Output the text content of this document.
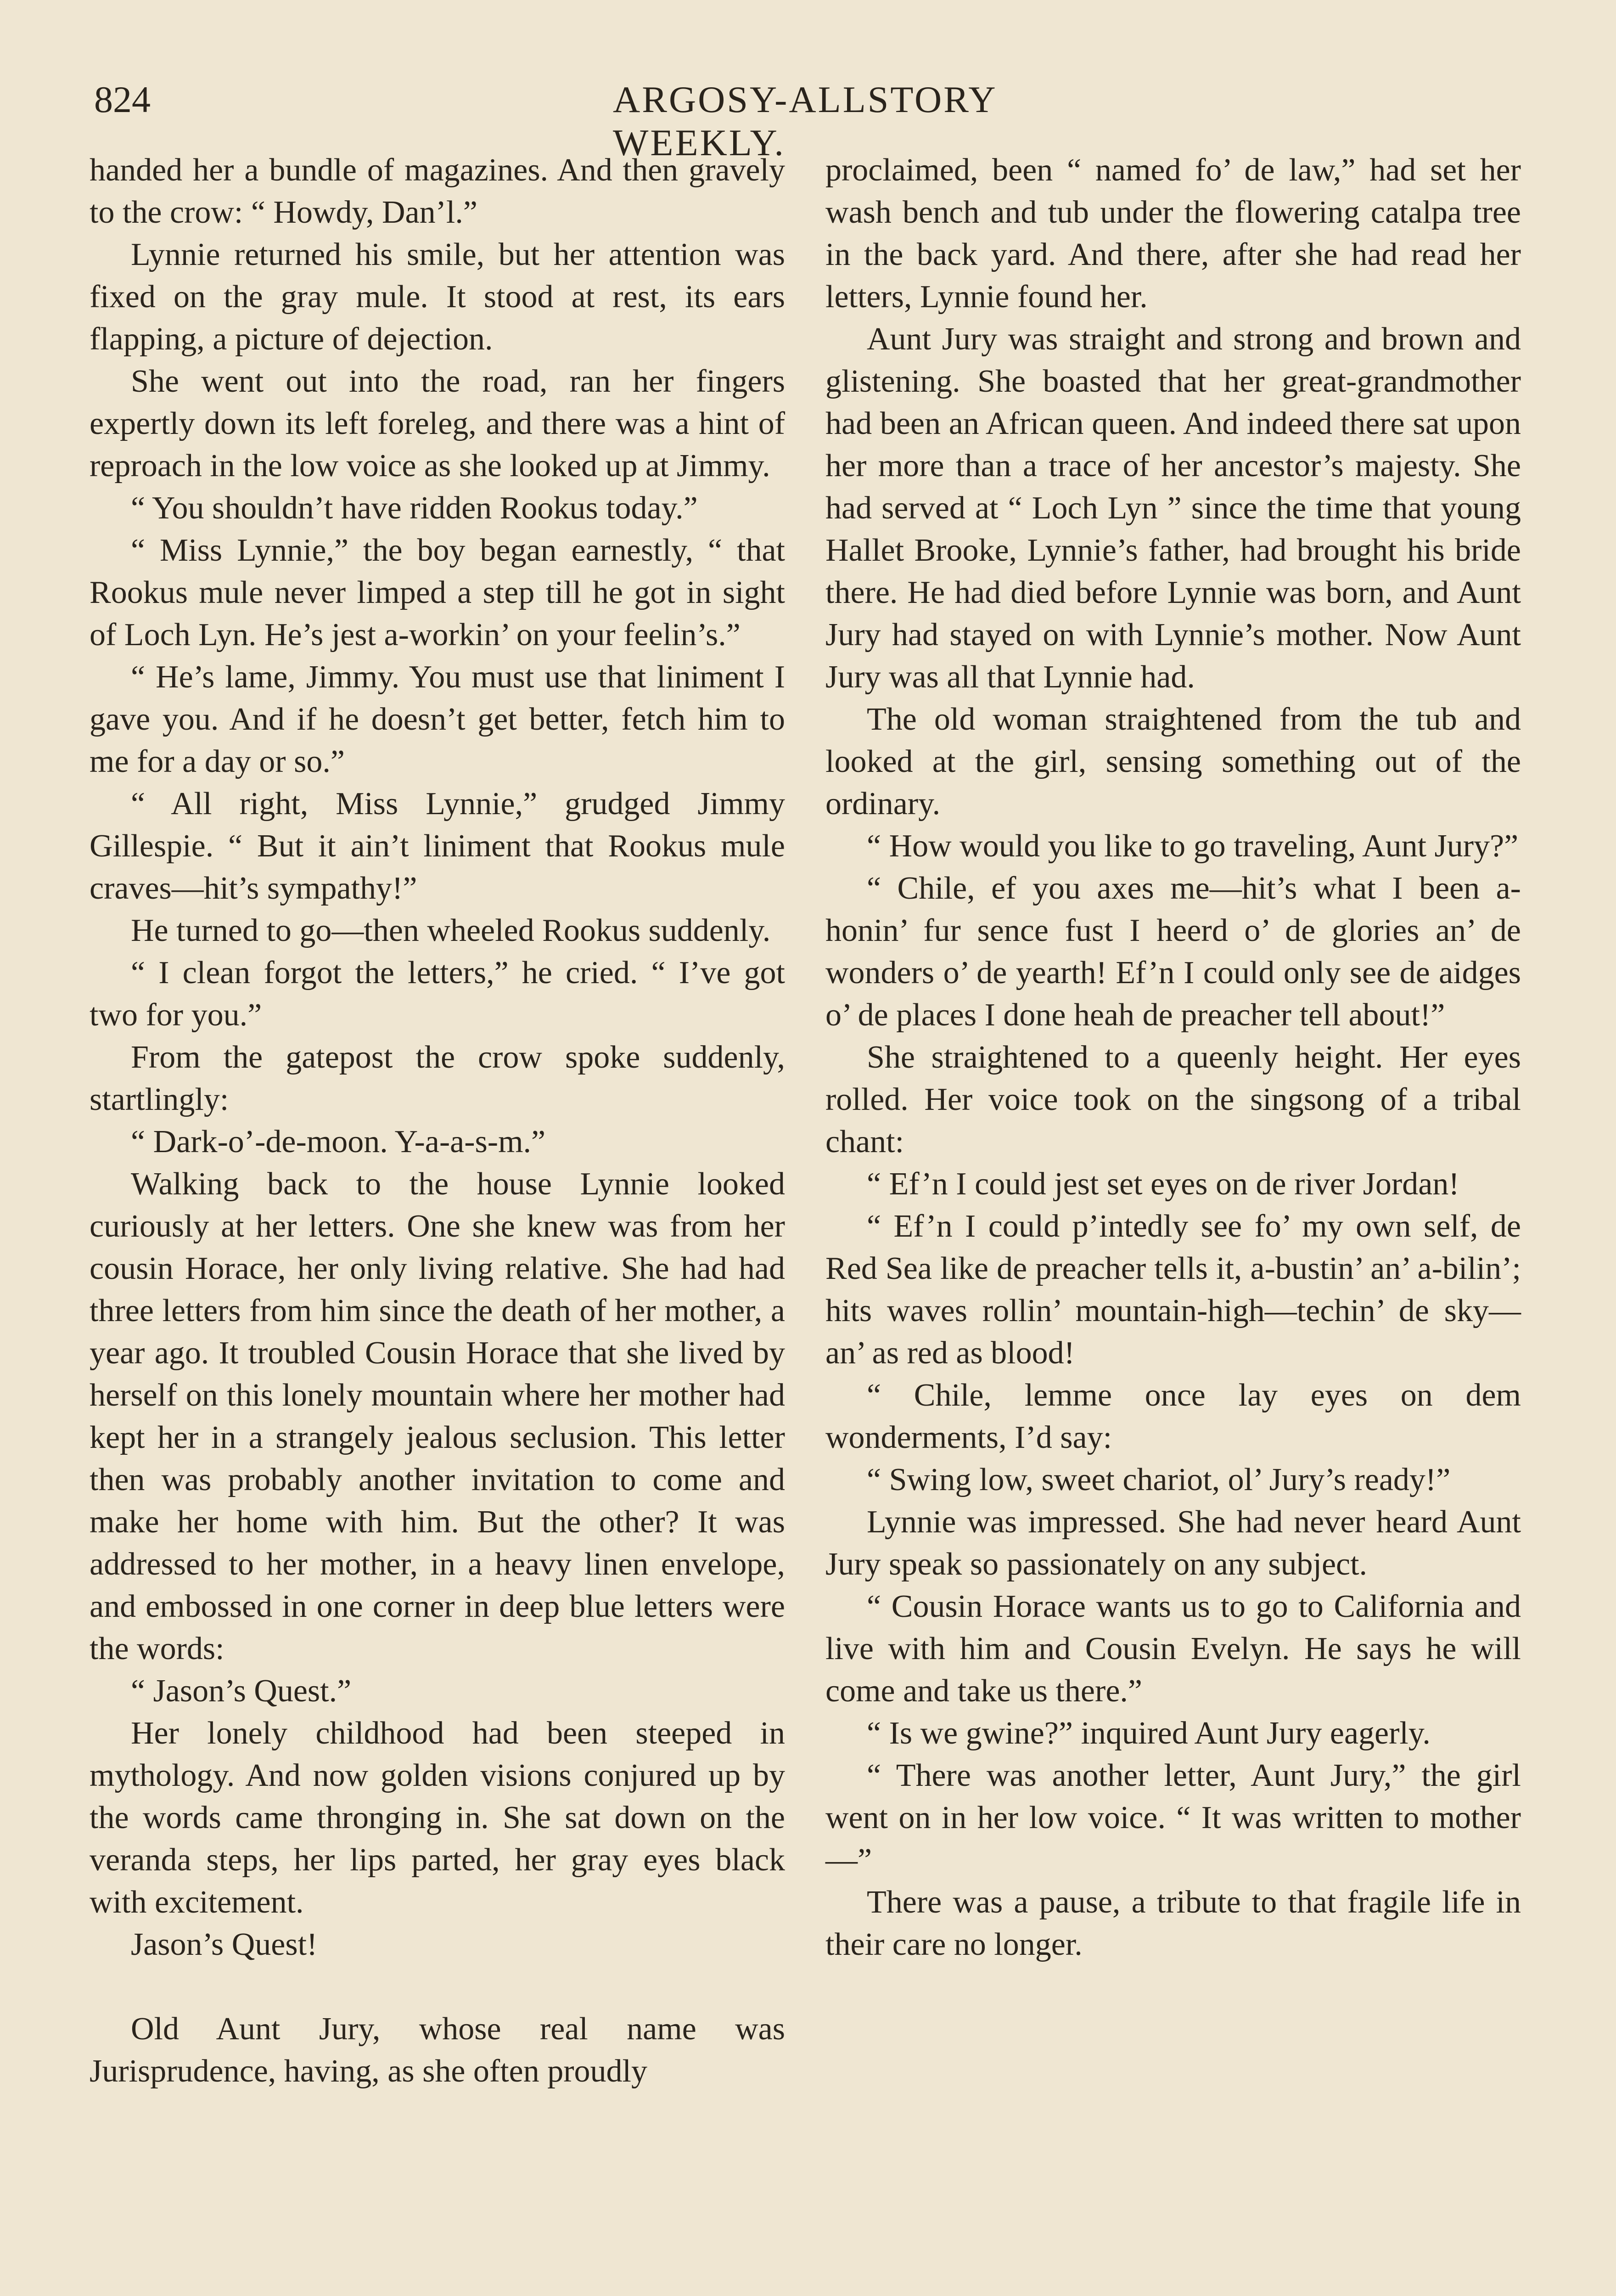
824	ARGOSY-ALLSTORY WEEKLY.

handed her a bundle of magazines. And then gravely to the crow: “ Howdy, Dan’l.”

Lynnie returned his smile, but her attention was fixed on the gray mule. It stood at rest, its ears flapping, a picture of dejection.

She went out into the road, ran her fingers expertly down its left foreleg, and there was a hint of reproach in the low voice as she looked up at Jimmy.

“ You shouldn’t have ridden Rookus today.”

“ Miss Lynnie,” the boy began earnestly, “ that Rookus mule never limped a step till he got in sight of Loch Lyn. He’s jest a-workin’ on your feelin’s.”

“ He’s lame, Jimmy. You must use that liniment I gave you. And if he doesn’t get better, fetch him to me for a day or so.”

“ All right, Miss Lynnie,” grudged Jimmy Gillespie. “ But it ain’t liniment that Rookus mule craves—hit’s sympathy!”

He turned to go—then wheeled Rookus suddenly.

“ I clean forgot the letters,” he cried. “ I’ve got two for you.”

From the gatepost the crow spoke suddenly, startlingly:

“ Dark-o’-de-moon. Y-a-a-s-m.”

Walking back to the house Lynnie looked curiously at her letters. One she knew was from her cousin Horace, her only living relative. She had had three letters from him since the death of her mother, a year ago. It troubled Cousin Horace that she lived by herself on this lonely mountain where her mother had kept her in a strangely jealous seclusion. This letter then was probably another invitation to come and make her home with him. But the other? It was addressed to her mother, in a heavy linen envelope, and embossed in one corner in deep blue letters were the words:

“ Jason’s Quest.”

Her lonely childhood had been steeped in mythology. And now golden visions conjured up by the words came thronging in. She sat down on the veranda steps, her lips parted, her gray eyes black with excitement.

Jason’s Quest!

Old Aunt Jury, whose real name was Jurisprudence, having, as she often proudly

proclaimed, been “ named fo’ de law,” had set her wash bench and tub under the flowering catalpa tree in the back yard. And there, after she had read her letters, Lynnie found her.

Aunt Jury was straight and strong and brown and glistening. She boasted that her great-grandmother had been an African queen. And indeed there sat upon her more than a trace of her ancestor’s majesty. She had served at “ Loch Lyn ” since the time that young Hallet Brooke, Lynnie’s father, had brought his bride there. He had died before Lynnie was born, and Aunt Jury had stayed on with Lynnie’s mother. Now Aunt Jury was all that Lynnie had.

The old woman straightened from the tub and looked at the girl, sensing something out of the ordinary.

“ How would you like to go traveling, Aunt Jury?”

“ Chile, ef you axes me—hit’s what I been a-honin’ fur sence fust I heerd o’ de glories an’ de wonders o’ de yearth! Ef’n I could only see de aidges o’ de places I done heah de preacher tell about!”

She straightened to a queenly height. Her eyes rolled. Her voice took on the singsong of a tribal chant:

“ Ef’n I could jest set eyes on de river Jordan!

“ Ef’n I could p’intedly see fo’ my own self, de Red Sea like de preacher tells it, a-bustin’ an’ a-bilin’; hits waves rollin’ mountain-high—techin’ de sky—an’ as red as blood!

“ Chile, lemme once lay eyes on dem wonderments, I’d say:

“ Swing low, sweet chariot, ol’ Jury’s ready!”

Lynnie was impressed. She had never heard Aunt Jury speak so passionately on any subject.

“ Cousin Horace wants us to go to California and live with him and Cousin Evelyn. He says he will come and take us there.”

“ Is we gwine?” inquired Aunt Jury eagerly.

“ There was another letter, Aunt Jury,” the girl went on in her low voice. “ It was written to mother—”

There was a pause, a tribute to that fragile life in their care no longer.
